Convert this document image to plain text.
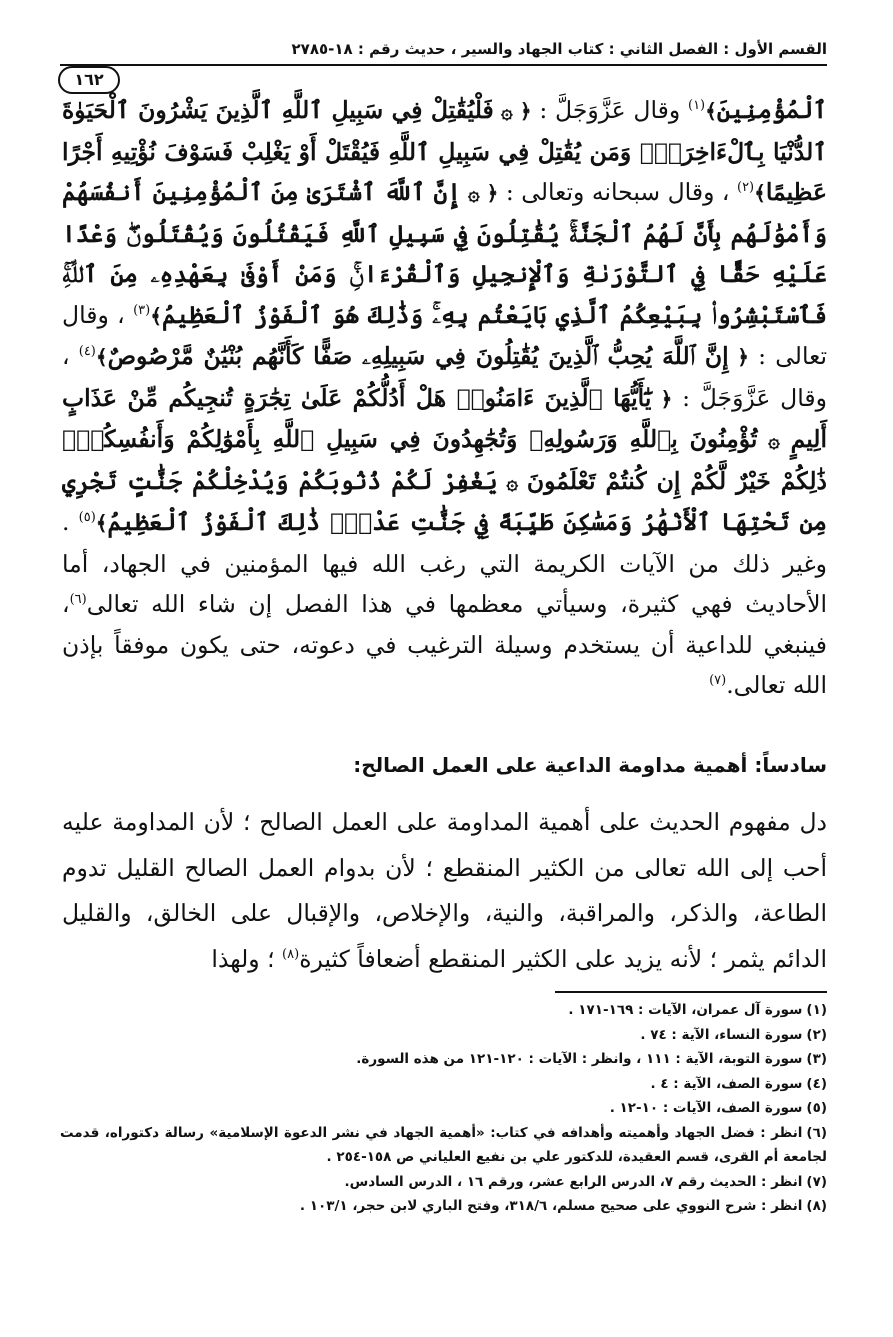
القسم الأول : الفصل الثاني : كتاب الجهاد والسير ، حديث رقم : ١٨-٢٧٨٥
١٦٢
ٱلْمُؤْمِنِينَ﴾$^{(١)}$ وقال عَزَّوَجَلَّ : ﴿ ۞ فَلْيُقَٰتِلْ فِي سَبِيلِ ٱللَّهِ ٱلَّذِينَ يَشْرُونَ ٱلْحَيَوٰةَ ٱلدُّنْيَا بِٱلْءَاخِرَةِۚ وَمَن يُقَٰتِلْ فِي سَبِيلِ ٱللَّهِ فَيُقْتَلْ أَوْ يَغْلِبْ فَسَوْفَ نُؤْتِيهِ أَجْرًا عَظِيمًا﴾$^{(٢)}$ ، وقال سبحانه وتعالى : ﴿ ۞ إِنَّ ٱللَّهَ ٱشْتَرَىٰ مِنَ ٱلْمُؤْمِنِينَ أَنفُسَهُمْ وَأَمْوَٰلَهُم بِأَنَّ لَهُمُ ٱلْجَنَّةَۚ يُقَٰتِلُونَ فِي سَبِيلِ ٱللَّهِ فَيَقْتُلُونَ وَيُقْتَلُونَۖ وَعْدًا عَلَيْهِ حَقًّا فِي ٱلتَّوْرَىٰةِ وَٱلْإِنجِيلِ وَٱلْقُرْءَانِۚ وَمَنْ أَوْفَىٰ بِعَهْدِهِۦ مِنَ ٱللَّهِۚ فَٱسْتَبْشِرُوا۟ بِبَيْعِكُمُ ٱلَّذِي بَايَعْتُم بِهِۦۚ وَذَٰلِكَ هُوَ ٱلْفَوْزُ ٱلْعَظِيمُ﴾$^{(٣)}$ ، وقال تعالى : ﴿ إِنَّ ٱللَّهَ يُحِبُّ ٱلَّذِينَ يُقَٰتِلُونَ فِي سَبِيلِهِۦ صَفًّا كَأَنَّهُم بُنْيَٰنٌ مَّرْصُوصٌ﴾$^{(٤)}$ ، وقال عَزَّوَجَلَّ : ﴿ يَٰٓأَيُّهَا ٱلَّذِينَ ءَامَنُوا۟ هَلْ أَدُلُّكُمْ عَلَىٰ تِجَٰرَةٍ تُنجِيكُم مِّنْ عَذَابٍ أَلِيمٍ ۞ تُؤْمِنُونَ بِٱللَّهِ وَرَسُولِهِۦ وَتُجَٰهِدُونَ فِي سَبِيلِ ٱللَّهِ بِأَمْوَٰلِكُمْ وَأَنفُسِكُمْۚ ذَٰلِكُمْ خَيْرٌ لَّكُمْ إِن كُنتُمْ تَعْلَمُونَ ۞ يَغْفِرْ لَكُمْ ذُنُوبَكُمْ وَيُدْخِلْكُمْ جَنَّٰتٍ تَجْرِي مِن تَحْتِهَا ٱلْأَنْهَٰرُ وَمَسَٰكِنَ طَيِّبَةً فِي جَنَّٰتِ عَدْنٍۚ ذَٰلِكَ ٱلْفَوْزُ ٱلْعَظِيمُ﴾$^{(٥)}$ . وغير ذلك من الآيات الكريمة التي رغب الله فيها المؤمنين في الجهاد، أما الأحاديث فهي كثيرة، وسيأتي معظمها في هذا الفصل إن شاء الله تعالى$^{(٦)}$، فينبغي للداعية أن يستخدم وسيلة الترغيب في دعوته، حتى يكون موفقاً بإذن الله تعالى.$^{(٧)}$
سادساً: أهمية مداومة الداعية على العمل الصالح:
دل مفهوم الحديث على أهمية المداومة على العمل الصالح ؛ لأن المداومة عليه أحب إلى الله تعالى من الكثير المنقطع ؛ لأن بدوام العمل الصالح القليل تدوم الطاعة، والذكر، والمراقبة، والنية، والإخلاص، والإقبال على الخالق، والقليل الدائم يثمر ؛ لأنه يزيد على الكثير المنقطع أضعافاً كثيرة$^{(٨)}$ ؛ ولهذا
(١)سورة آل عمران، الآيات : ١٦٩-١٧١ .
(٢)سورة النساء، الآية : ٧٤ .
(٣)سورة التوبة، الآية : ١١١ ، وانظر : الآيات : ١٢٠-١٢١ من هذه السورة.
(٤)سورة الصف، الآية : ٤ .
(٥)سورة الصف، الآيات : ١٠-١٢ .
(٦)انظر : فضل الجهاد وأهميته وأهدافه في كتاب: «أهمية الجهاد في نشر الدعوة الإسلامية» رسالة دكتوراه، قدمت لجامعة أم القرى، قسم العقيدة، للدكتور علي بن نفيع العلياني ص ١٥٨-٢٥٤ .
(٧)انظر : الحديث رقم ٧، الدرس الرابع عشر، ورقم ١٦ ، الدرس السادس.
(٨)انظر : شرح النووي على صحيح مسلم، ٣١٨/٦، وفتح الباري لابن حجر، ١٠٣/١ .
